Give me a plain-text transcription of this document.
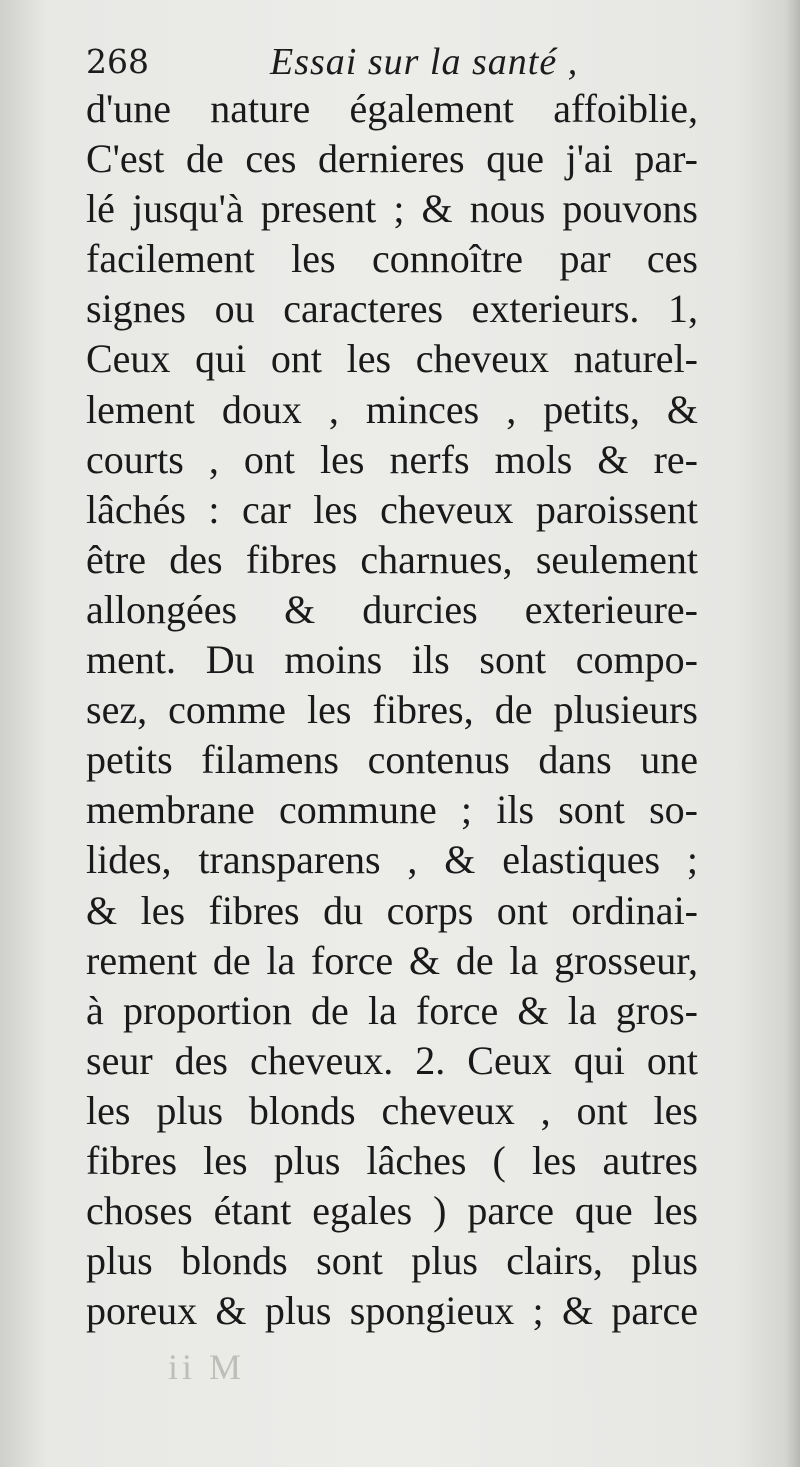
268	Essai sur la santé ,
d'une nature également affoiblie,
C'est de ces dernieres que j'ai par-
lé jusqu'à present ; & nous pouvons
facilement les connoître par ces
signes ou caracteres exterieurs. 1,
Ceux qui ont les cheveux naturel-
lement doux , minces , petits, &
courts , ont les nerfs mols & re-
lâchés : car les cheveux paroissent
être des fibres charnues, seulement
allongées & durcies exterieure-
ment. Du moins ils sont compo-
sez, comme les fibres, de plusieurs
petits filamens contenus dans une
membrane commune ; ils sont so-
lides, transparens , & elastiques ;
& les fibres du corps ont ordinai-
rement de la force & de la grosseur,
à proportion de la force & la gros-
seur des cheveux. 2. Ceux qui ont
les plus blonds cheveux , ont les
fibres les plus lâches ( les autres
choses étant egales ) parce que les
plus blonds sont plus clairs, plus
poreux & plus spongieux ; & parce
ii M
